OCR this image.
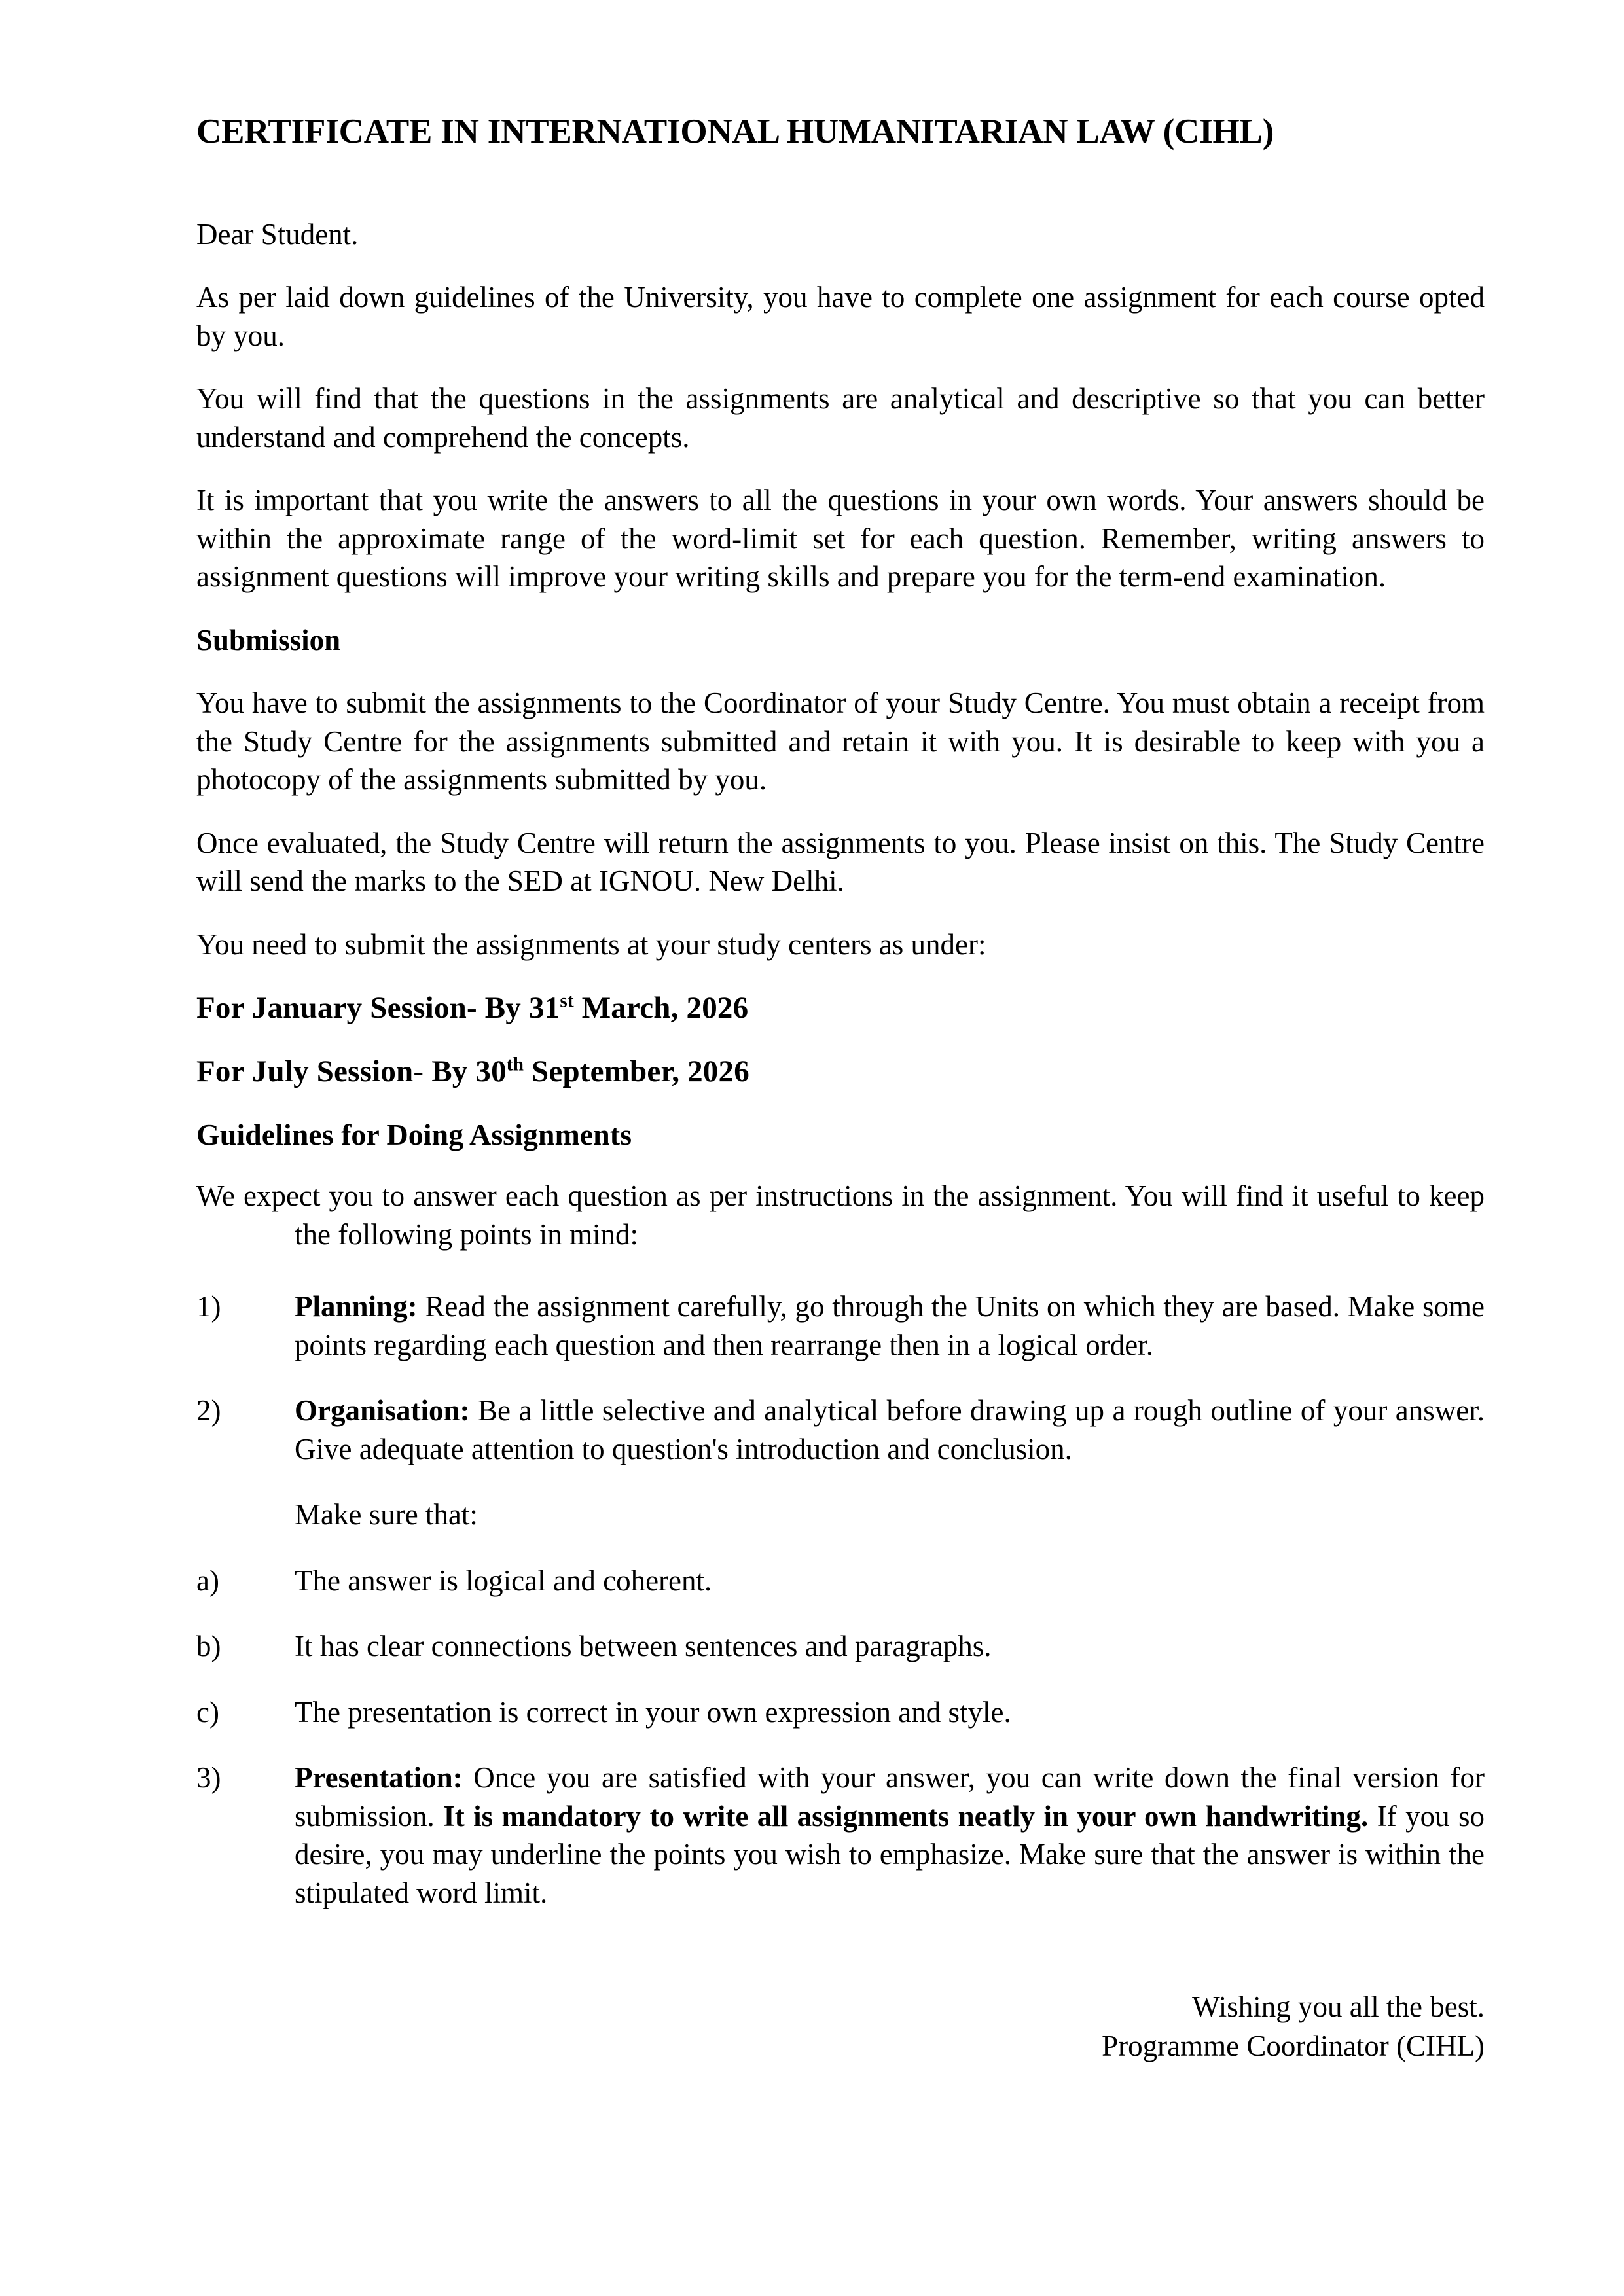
CERTIFICATE IN INTERNATIONAL HUMANITARIAN LAW (CIHL)
Dear Student.

As per laid down guidelines of the University, you have to complete one assignment for each course opted by you.

You will find that the questions in the assignments are analytical and descriptive so that you can better understand and comprehend the concepts.

It is important that you write the answers to all the questions in your own words. Your answers should be within the approximate range of the word-limit set for each question. Remember, writing answers to assignment questions will improve your writing skills and prepare you for the term-end examination.

Submission

You have to submit the assignments to the Coordinator of your Study Centre. You must obtain a receipt from the Study Centre for the assignments submitted and retain it with you. It is desirable to keep with you a photocopy of the assignments submitted by you.

Once evaluated, the Study Centre will return the assignments to you. Please insist on this. The Study Centre will send the marks to the SED at IGNOU. New Delhi.

You need to submit the assignments at your study centers as under:

For January Session- By 31st March, 2026
For July Session- By 30th September, 2026
Guidelines for Doing Assignments

We expect you to answer each question as per instructions in the assignment. You will find it useful to keep the following points in mind:

1)	Planning: Read the assignment carefully, go through the Units on which they are based. Make some points regarding each question and then rearrange then in a logical order.
2)	Organisation: Be a little selective and analytical before drawing up a rough outline of your answer. Give adequate attention to question's introduction and conclusion.
Make sure that:
a)	The answer is logical and coherent.
b)	It has clear connections between sentences and paragraphs.
c)	The presentation is correct in your own expression and style.
3)	Presentation: Once you are satisfied with your answer, you can write down the final version for submission. It is mandatory to write all assignments neatly in your own handwriting. If you so desire, you may underline the points you wish to emphasize. Make sure that the answer is within the stipulated word limit.
Wishing you all the best.
Programme Coordinator (CIHL)
